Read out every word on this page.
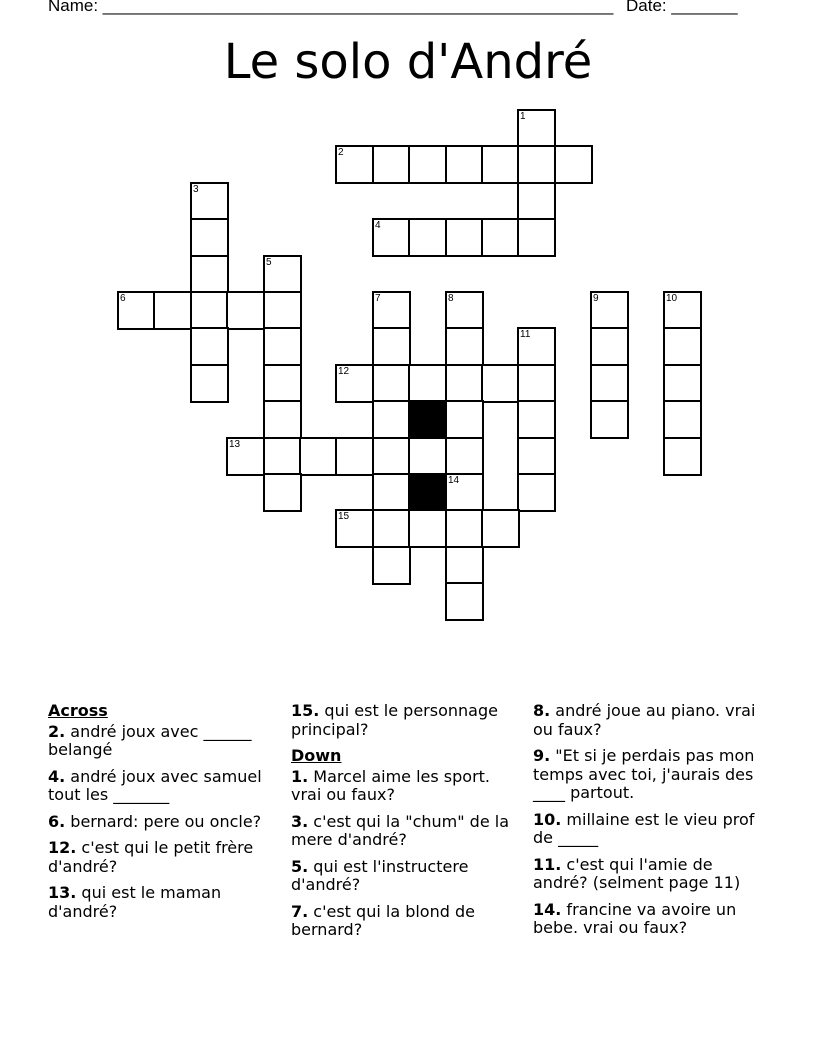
Name: ______________________________________________________ Date: _______
Le solo d'André
1
2
3
4
5
6	7	8	9	10
11
12
13
14
15
Across
2. andré joux avec ______ belangé
4. andré joux avec samuel tout les _______
6. bernard: pere ou oncle?
12. c'est qui le petit frère d'andré?
13. qui est le maman d'andré?
15. qui est le personnage principal?
Down
1. Marcel aime les sport. vrai ou faux?
3. c'est qui la "chum" de la mere d'andré?
5. qui est l'instructere d'andré?
7. c'est qui la blond de bernard?
8. andré joue au piano. vrai ou faux?
9. "Et si je perdais pas mon temps avec toi, j'aurais des ____ partout.
10. millaine est le vieu prof de _____
11. c'est qui l'amie de andré? (selment page 11)
14. francine va avoire un bebe. vrai ou faux?
